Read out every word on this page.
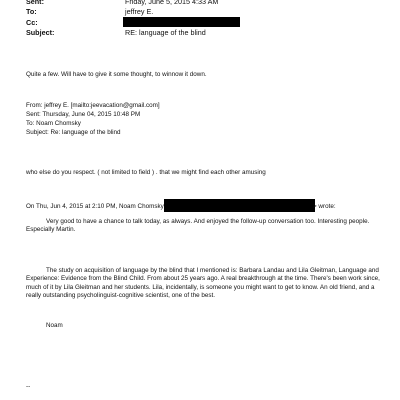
Sent:	Friday, June 5, 2015 4:33 AM
To:	jeffrey E.
Cc:
Subject:	RE: language of the blind
Quite a few. Will have to give it some thought, to winnow it down.
From: jeffrey E. [mailto:jeevacation@gmail.com]
Sent: Thursday, June 04, 2015 10:48 PM
To: Noam Chomsky
Subject: Re: language of the blind
who else do you respect. ( not limited to field ) . that we might find each other amusing
On Thu, Jun 4, 2015 at 2:10 PM, Noam Chomsky	> wrote:
Very good to have a chance to talk today, as always. And enjoyed the follow-up conversation too. Interesting people. Especially Martin.
The study on acquisition of language by the blind that I mentioned is: Barbara Landau and Lila Gleitman, Language and Experience: Evidence from the Blind Child. From about 25 years ago. A real breakthrough at the time. There's been work since, much of it by Lila Gleitman and her students. Lila, incidentally, is someone you might want to get to know. An old friend, and a really outstanding psycholinguist-cognitive scientist, one of the best.
Noam
--
